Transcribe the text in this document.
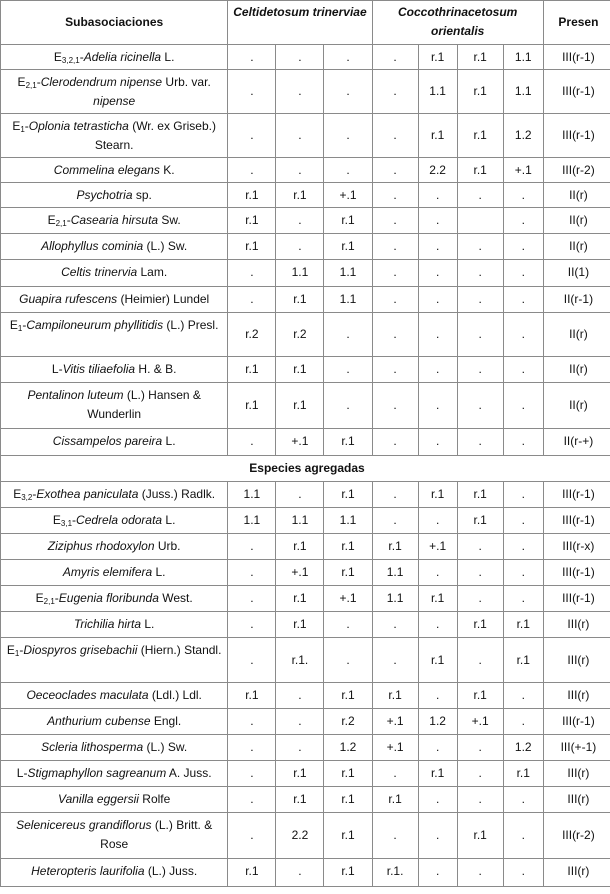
Subasociaciones	Celtidetosum trinerviae			Coccothrinacetosum orientalis				Presen
$E_{3,2,1}$-Adelia ricinella L.	.	.	.	.	r.1	r.1	1.1	III(r-1)
$E_{2,1}$-Clerodendrum nipense Urb. var. nipense	.	.	.	.	1.1	r.1	1.1	III(r-1)
$E_1$-Oplonia tetrasticha (Wr. ex Griseb.) Stearn.	.	.	.	.	r.1	r.1	1.2	III(r-1)
Commelina elegans K.	.	.	.	.	2.2	r.1	+.1	III(r-2)
Psychotria sp.	r.1	r.1	+.1	.	.	.	.	II(r)
$E_{2,1}$-Casearia hirsuta Sw.	r.1	.	r.1	.	.		.	II(r)
Allophyllus cominia (L.) Sw.	r.1	.	r.1	.	.	.	.	II(r)
Celtis trinervia Lam.	.	1.1	1.1	.	.	.	.	II(1)
Guapira rufescens (Heimier) Lundel	.	r.1	1.1	.	.	.	.	II(r-1)
$E_1$-Campiloneurum phyllitidis (L.) Presl.	r.2	r.2	.	.	.	.	.	II(r)
L-Vitis tiliaefolia H. & B.	r.1	r.1	.	.	.	.	.	II(r)
Pentalinon luteum (L.) Hansen & Wunderlin	r.1	r.1	.	.	.	.	.	II(r)
Cissampelos pareira L.	.	+.1	r.1	.	.	.	.	II(r-+)
Especies agregadas								
$E_{3,2}$-Exothea paniculata (Juss.) Radlk.	1.1	.	r.1	.	r.1	r.1	.	III(r-1)
$E_{3,1}$-Cedrela odorata L.	1.1	1.1	1.1	.	.	r.1	.	III(r-1)
Ziziphus rhodoxylon Urb.	.	r.1	r.1	r.1	+.1	.	.	III(r-x)
Amyris elemifera L.	.	+.1	r.1	1.1	.	.	.	III(r-1)
$E_{2,1}$-Eugenia floribunda West.	.	r.1	+.1	1.1	r.1	.	.	III(r-1)
Trichilia hirta L.	.	r.1	.	.	.	r.1	r.1	III(r)
$E_1$-Diospyros grisebachii (Hiern.) Standl.	.	r.1.	.	.	r.1	.	r.1	III(r)
Oeceoclades maculata (Ldl.) Ldl.	r.1	.	r.1	r.1	.	r.1	.	III(r)
Anthurium cubense Engl.	.	.	r.2	+.1	1.2	+.1	.	III(r-1)
Scleria lithosperma (L.) Sw.	.	.	1.2	+.1	.	.	1.2	III(+-1)
L-Stigmaphyllon sagreanum A. Juss.	.	r.1	r.1	.	r.1	.	r.1	III(r)
Vanilla eggersii Rolfe	.	r.1	r.1	r.1	.	.	.	III(r)
Selenicereus grandiflorus (L.) Britt. & Rose	.	2.2	r.1	.	.	r.1	.	III(r-2)
Heteropteris laurifolia (L.) Juss.	r.1	.	r.1	r.1.	.	.	.	III(r)
